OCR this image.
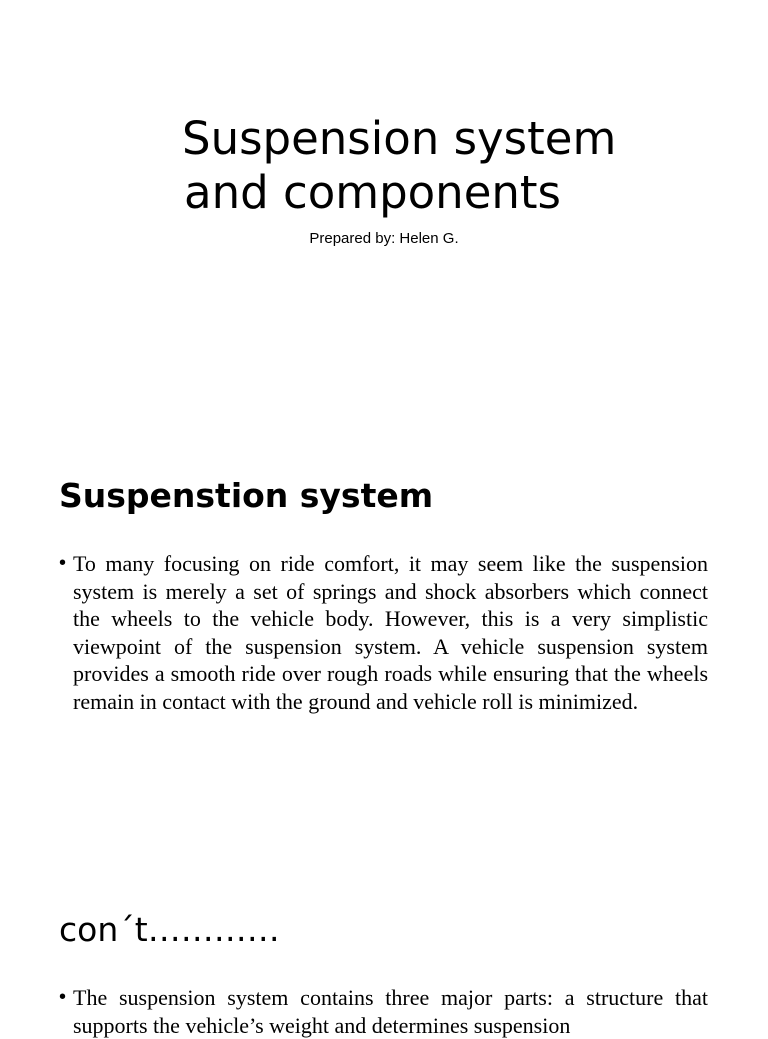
Suspension system
and components

Prepared by: Helen G.

Suspenstion system
• To many focusing on ride comfort, it may seem like the suspension system is merely a set of springs and shock absorbers which connect the wheels to the vehicle body. However, this is a very simplistic viewpoint of the suspension system. A vehicle suspension system provides a smooth ride over rough roads while ensuring that the wheels remain in contact with the ground and vehicle roll is minimized.
con´t…………
• The suspension system contains three major parts: a structure that supports the vehicle’s weight and determines suspension
